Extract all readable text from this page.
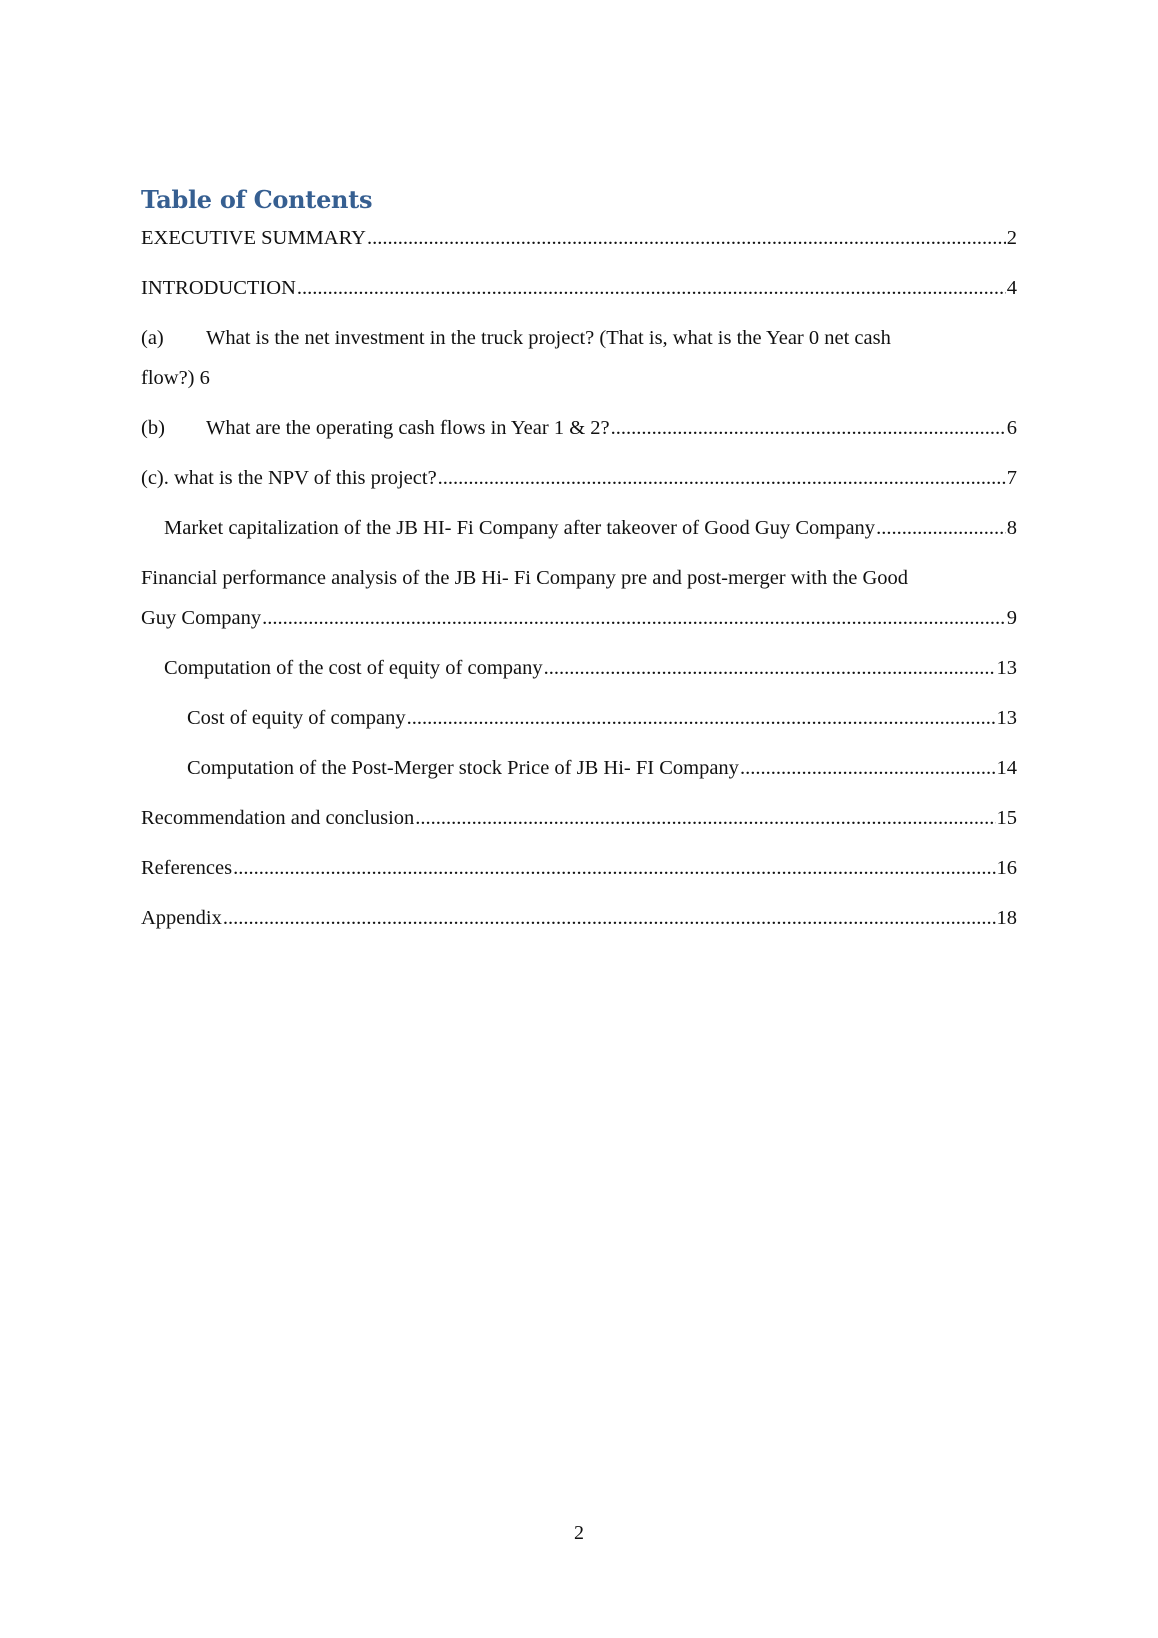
Table of Contents
EXECUTIVE SUMMARY .....	2
INTRODUCTION .....	4
(a) What is the net investment in the truck project? (That is, what is the Year 0 net cash
flow?) 6
(b) What are the operating cash flows in Year 1 & 2? .....	6
(c). what is the NPV of this project? .....	7
Market capitalization of the JB HI- Fi Company after takeover of Good Guy Company .....	8
Financial performance analysis of the JB Hi- Fi Company pre and post-merger with the Good
Guy Company .....	9
Computation of the cost of equity of company .....	13
Cost of equity of company .....	13
Computation of the Post-Merger stock Price of JB Hi- FI Company .....	14
Recommendation and conclusion .....	15
References .....	16
Appendix .....	18
2
